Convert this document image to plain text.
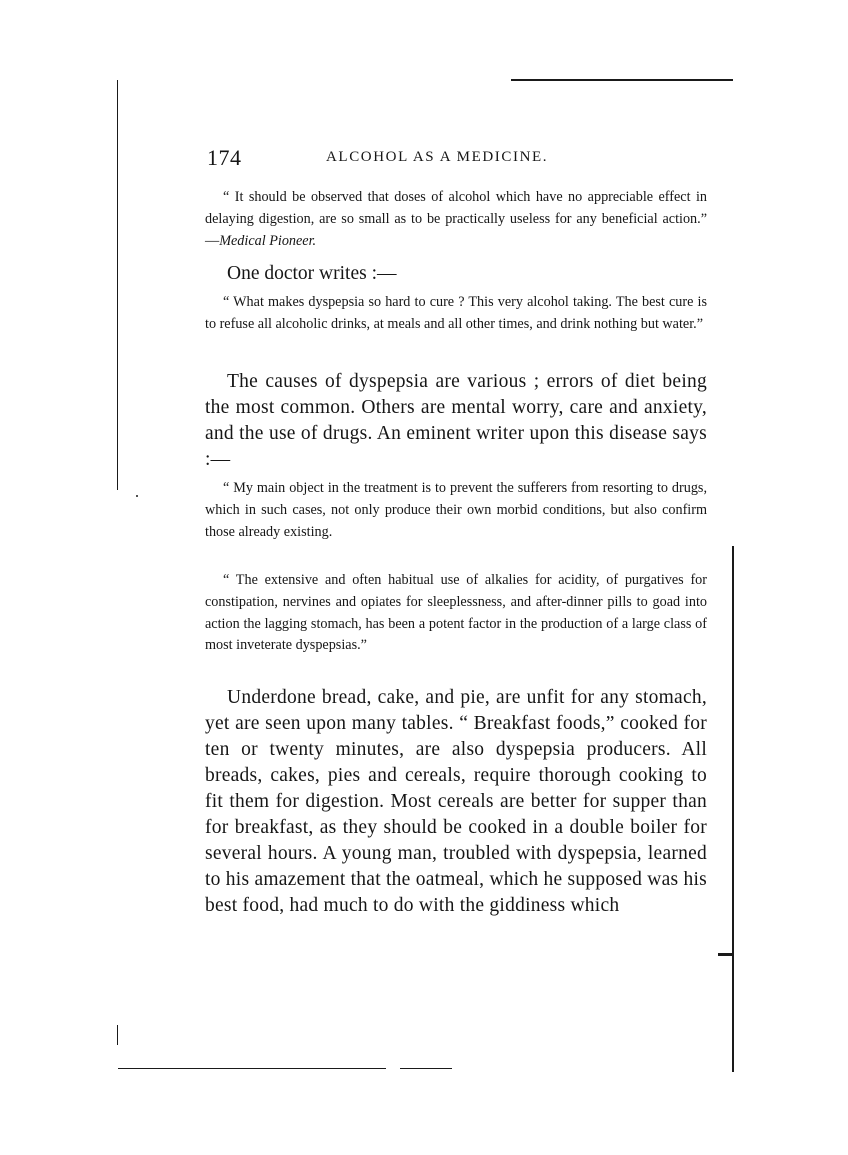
174	ALCOHOL AS A MEDICINE.

“ It should be observed that doses of alcohol which have no appreciable effect in delaying digestion, are so small as to be practically useless for any beneficial action.” —Medical Pioneer.

One doctor writes :—

“ What makes dyspepsia so hard to cure ? This very alcohol taking. The best cure is to refuse all alcoholic drinks, at meals and all other times, and drink nothing but water.”

The causes of dyspepsia are various ; errors of diet being the most common. Others are mental worry, care and anxiety, and the use of drugs. An eminent writer upon this disease says :—

“ My main object in the treatment is to prevent the sufferers from resorting to drugs, which in such cases, not only produce their own morbid conditions, but also confirm those already existing.

“ The extensive and often habitual use of alkalies for acidity, of purgatives for constipation, nervines and opiates for sleeplessness, and after-dinner pills to goad into action the lagging stomach, has been a potent factor in the production of a large class of most inveterate dyspepsias.”

Underdone bread, cake, and pie, are unfit for any stomach, yet are seen upon many tables. “ Breakfast foods,” cooked for ten or twenty minutes, are also dyspepsia producers. All breads, cakes, pies and cereals, require thorough cooking to fit them for digestion. Most cereals are better for supper than for breakfast, as they should be cooked in a double boiler for several hours. A young man, troubled with dyspepsia, learned to his amazement that the oatmeal, which he supposed was his best food, had much to do with the giddiness which
